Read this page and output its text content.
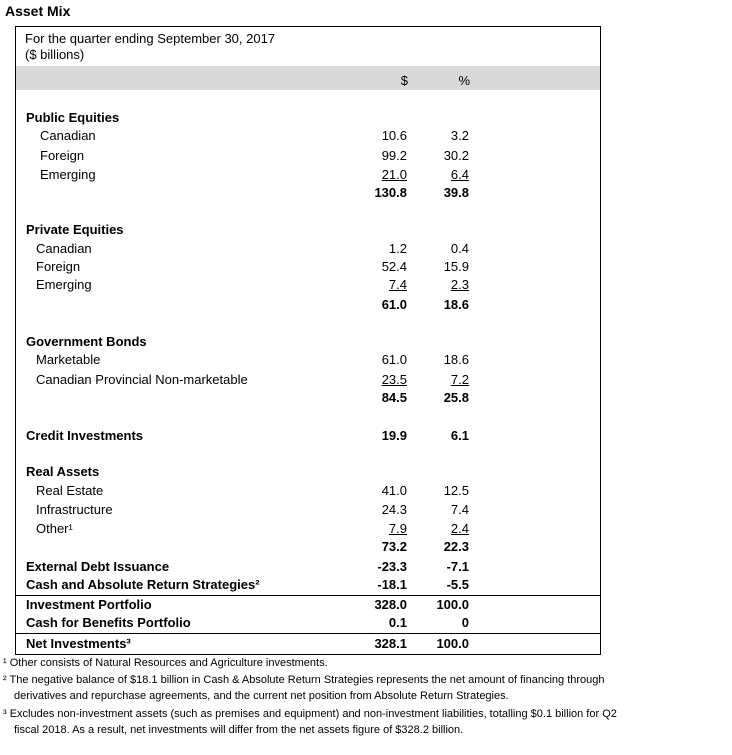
Asset Mix
For the quarter ending September 30, 2017
($ billions)
$	%
Public Equities
Canadian	10.6	3.2
Foreign	99.2	30.2
Emerging	21.0	6.4
130.8	39.8
Private Equities
Canadian	1.2	0.4
Foreign	52.4	15.9
Emerging	7.4	2.3
61.0	18.6
Government Bonds
Marketable	61.0	18.6
Canadian Provincial Non-marketable	23.5	7.2
84.5	25.8
Credit Investments	19.9	6.1
Real Assets
Real Estate	41.0	12.5
Infrastructure	24.3	7.4
Other¹	7.9	2.4
73.2	22.3
External Debt Issuance	-23.3	-7.1
Cash and Absolute Return Strategies²	-18.1	-5.5
Investment Portfolio	328.0 100.0
Cash for Benefits Portfolio	0.1	0
Net Investments³	328.1 100.0
¹ Other consists of Natural Resources and Agriculture investments.
² The negative balance of $18.1 billion in Cash & Absolute Return Strategies represents the net amount of financing through
derivatives and repurchase agreements, and the current net position from Absolute Return Strategies.
³ Excludes non-investment assets (such as premises and equipment) and non-investment liabilities, totalling $0.1 billion for Q2
fiscal 2018. As a result, net investments will differ from the net assets figure of $328.2 billion.
